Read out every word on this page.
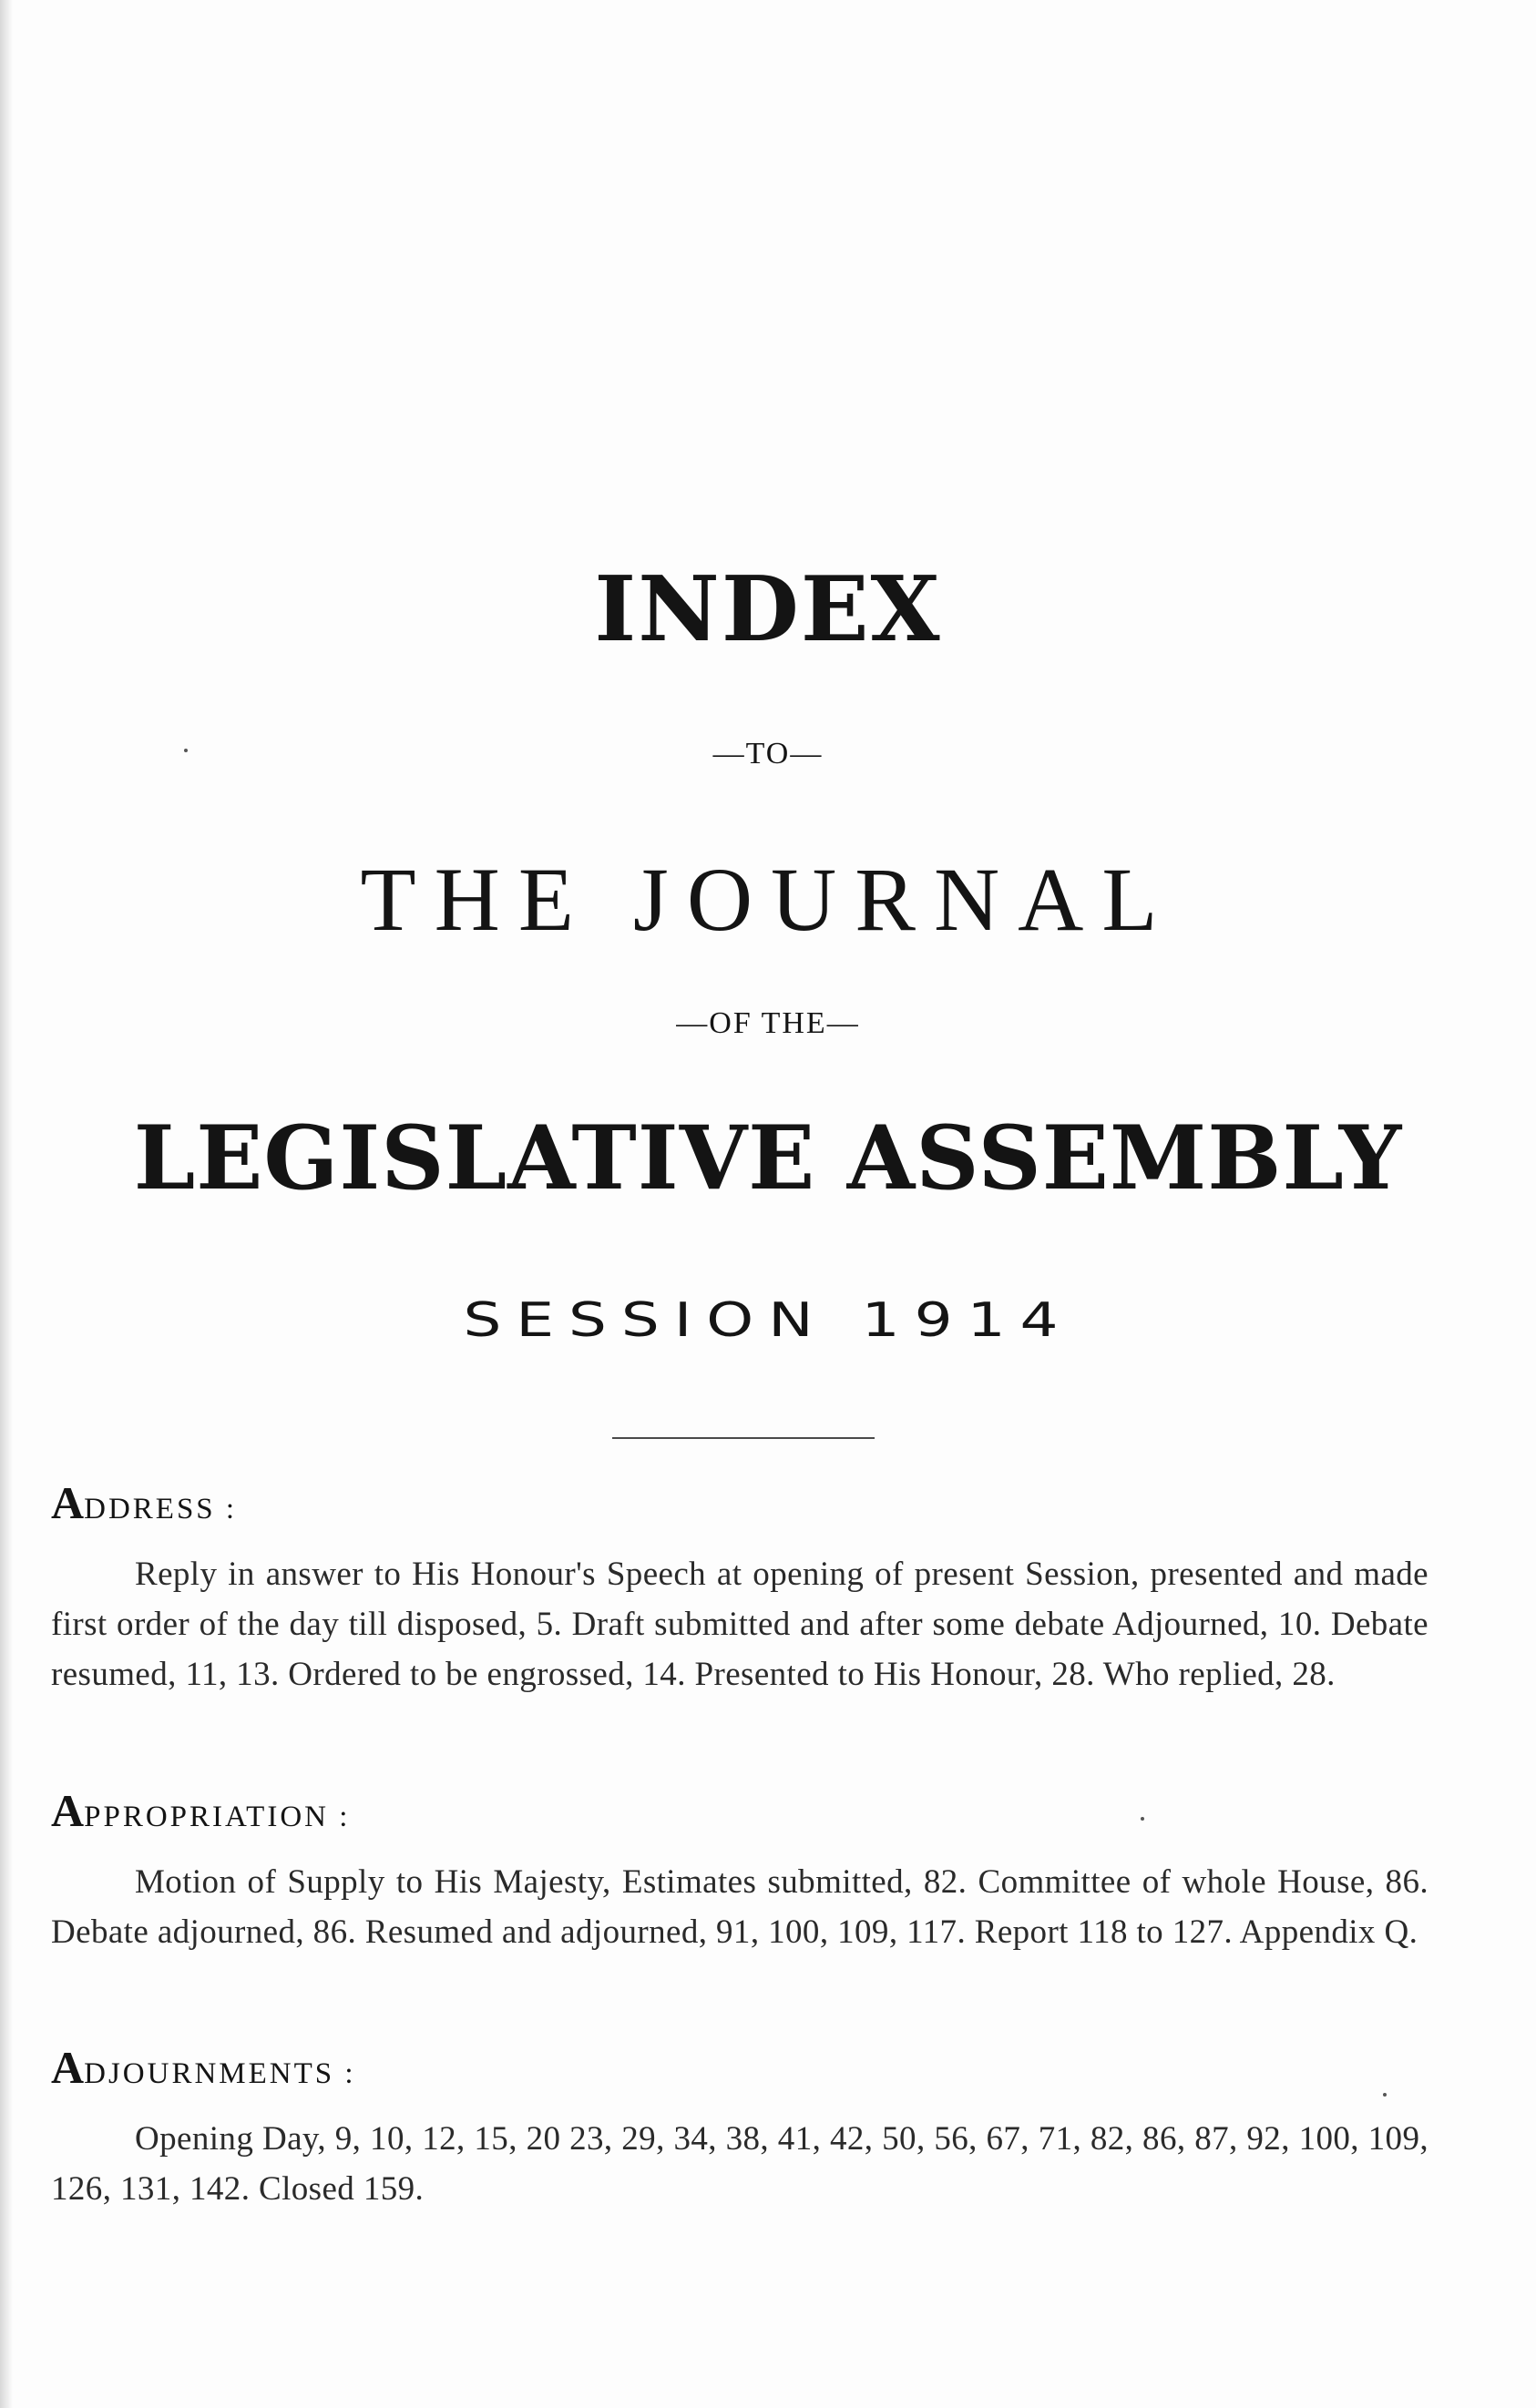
INDEX
—TO—
THE JOURNAL
—OF THE—
LEGISLATIVE ASSEMBLY
SESSION 1914
ADDRESS :
Reply in answer to His Honour's Speech at opening of present Session, presented and made first order of the day till disposed, 5. Draft submitted and after some debate Adjourned, 10. Debate resumed, 11, 13. Ordered to be engrossed, 14. Presented to His Honour, 28. Who replied, 28.
APPROPRIATION :
Motion of Supply to His Majesty, Estimates submitted, 82. Committee of whole House, 86. Debate adjourned, 86. Resumed and adjourned, 91, 100, 109, 117. Report 118 to 127. Appendix Q.
ADJOURNMENTS :
Opening Day, 9, 10, 12, 15, 20 23, 29, 34, 38, 41, 42, 50, 56, 67, 71, 82, 86, 87, 92, 100, 109, 126, 131, 142. Closed 159.
